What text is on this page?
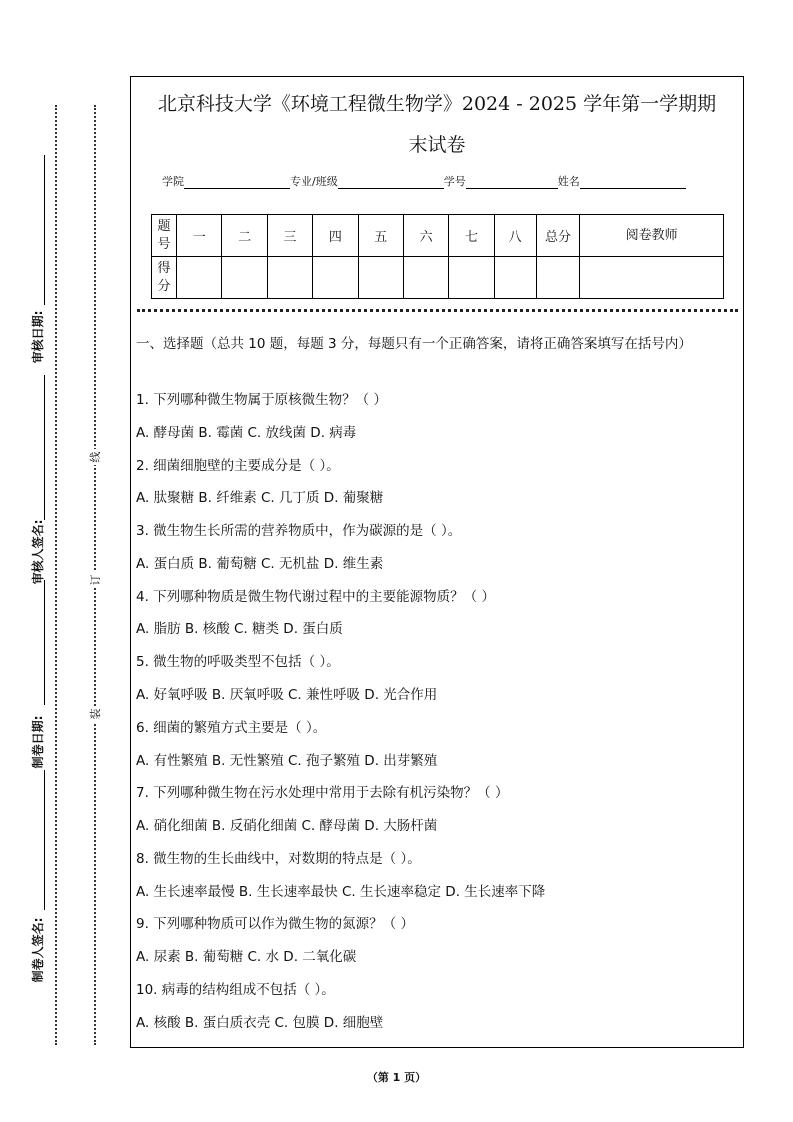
审核日期:
审核人签名:
制卷日期:
制卷人签名:
线
订
装
北京科技大学《环境工程微生物学》2024 - 2025 学年第一学期期
末试卷
学院	专业/班级	学号	姓名
题号	一	二	三	四	五	六	七	八	总分	阅卷教师
得分										
一、选择题（总共 10 题，每题 3 分，每题只有一个正确答案，请将正确答案填写在括号内）
1. 下列哪种微生物属于原核微生物？（ ）
A. 酵母菌 B. 霉菌 C. 放线菌 D. 病毒
2. 细菌细胞壁的主要成分是（ ）。
A. 肽聚糖 B. 纤维素 C. 几丁质 D. 葡聚糖
3. 微生物生长所需的营养物质中，作为碳源的是（ ）。
A. 蛋白质 B. 葡萄糖 C. 无机盐 D. 维生素
4. 下列哪种物质是微生物代谢过程中的主要能源物质？（ ）
A. 脂肪 B. 核酸 C. 糖类 D. 蛋白质
5. 微生物的呼吸类型不包括（ ）。
A. 好氧呼吸 B. 厌氧呼吸 C. 兼性呼吸 D. 光合作用
6. 细菌的繁殖方式主要是（ ）。
A. 有性繁殖 B. 无性繁殖 C. 孢子繁殖 D. 出芽繁殖
7. 下列哪种微生物在污水处理中常用于去除有机污染物？（ ）
A. 硝化细菌 B. 反硝化细菌 C. 酵母菌 D. 大肠杆菌
8. 微生物的生长曲线中，对数期的特点是（ ）。
A. 生长速率最慢 B. 生长速率最快 C. 生长速率稳定 D. 生长速率下降
9. 下列哪种物质可以作为微生物的氮源？（ ）
A. 尿素 B. 葡萄糖 C. 水 D. 二氧化碳
10. 病毒的结构组成不包括（ ）。
A. 核酸 B. 蛋白质衣壳 C. 包膜 D. 细胞壁
（第 1 页）
